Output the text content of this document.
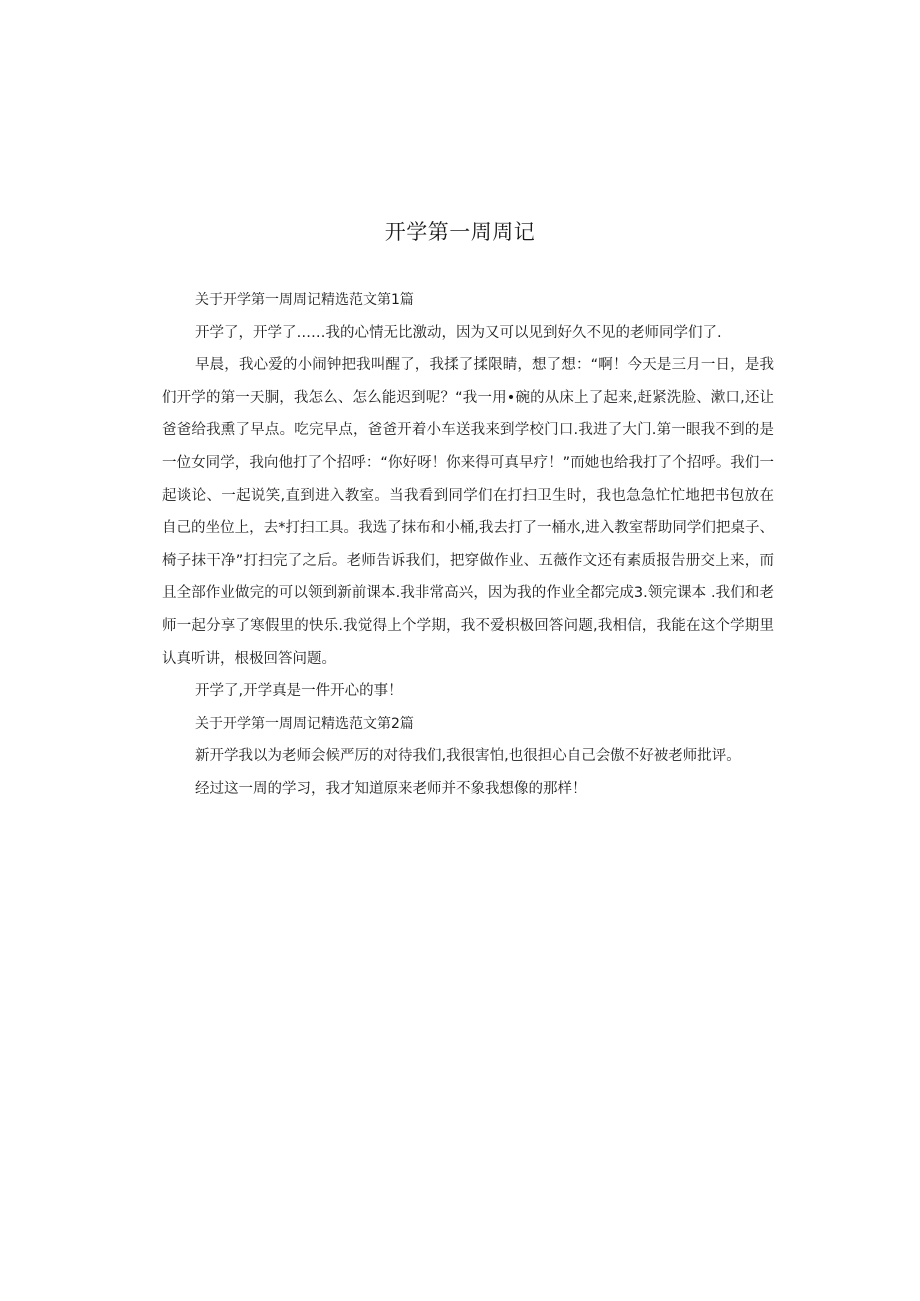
开学第一周周记

关于开学第一周周记精选范文第1篇

开学了，开学了……我的心情无比激动，因为又可以见到好久不见的老师同学们了.

早晨，我心爱的小闹钟把我叫醒了，我揉了揉限睛，想了想：“啊！今天是三月一日，是我们开学的第一天胴，我怎么、怎么能迟到呢？“我一用•碗的从床上了起来,赶紧洗脸、漱口,还让爸爸给我熏了早点。吃完早点，爸爸开着小车送我来到学校门口.我进了大门.第一眼我不到的是一位女同学，我向他打了个招呼：“你好呀！你来得可真早疗！”而她也给我打了个招呼。我们一起谈论、一起说笑,直到进入教室。当我看到同学们在打扫卫生时，我也急急忙忙地把书包放在自己的坐位上，去*打扫工具。我选了抹布和小桶,我去打了一桶水,进入教室帮助同学们把桌子、椅子抹干净”打扫完了之后。老师告诉我们，把穿做作业、五薇作文还有素质报告册交上来，而且全部作业做完的可以领到新前课本.我非常高兴，因为我的作业全都完成3.领完课本 .我们和老师一起分享了寒假里的快乐.我觉得上个学期，我不爱枳极回答问题,我相信，我能在这个学期里认真听讲，根极回答问题。

开学了,开学真是一件开心的事！

关于开学第一周周记精选范文第2篇

新开学我以为老师会候严厉的对待我们,我很害怕,也很担心自己会傲不好被老师批评。

经过这一周的学习，我才知道原来老师并不象我想像的那样！
